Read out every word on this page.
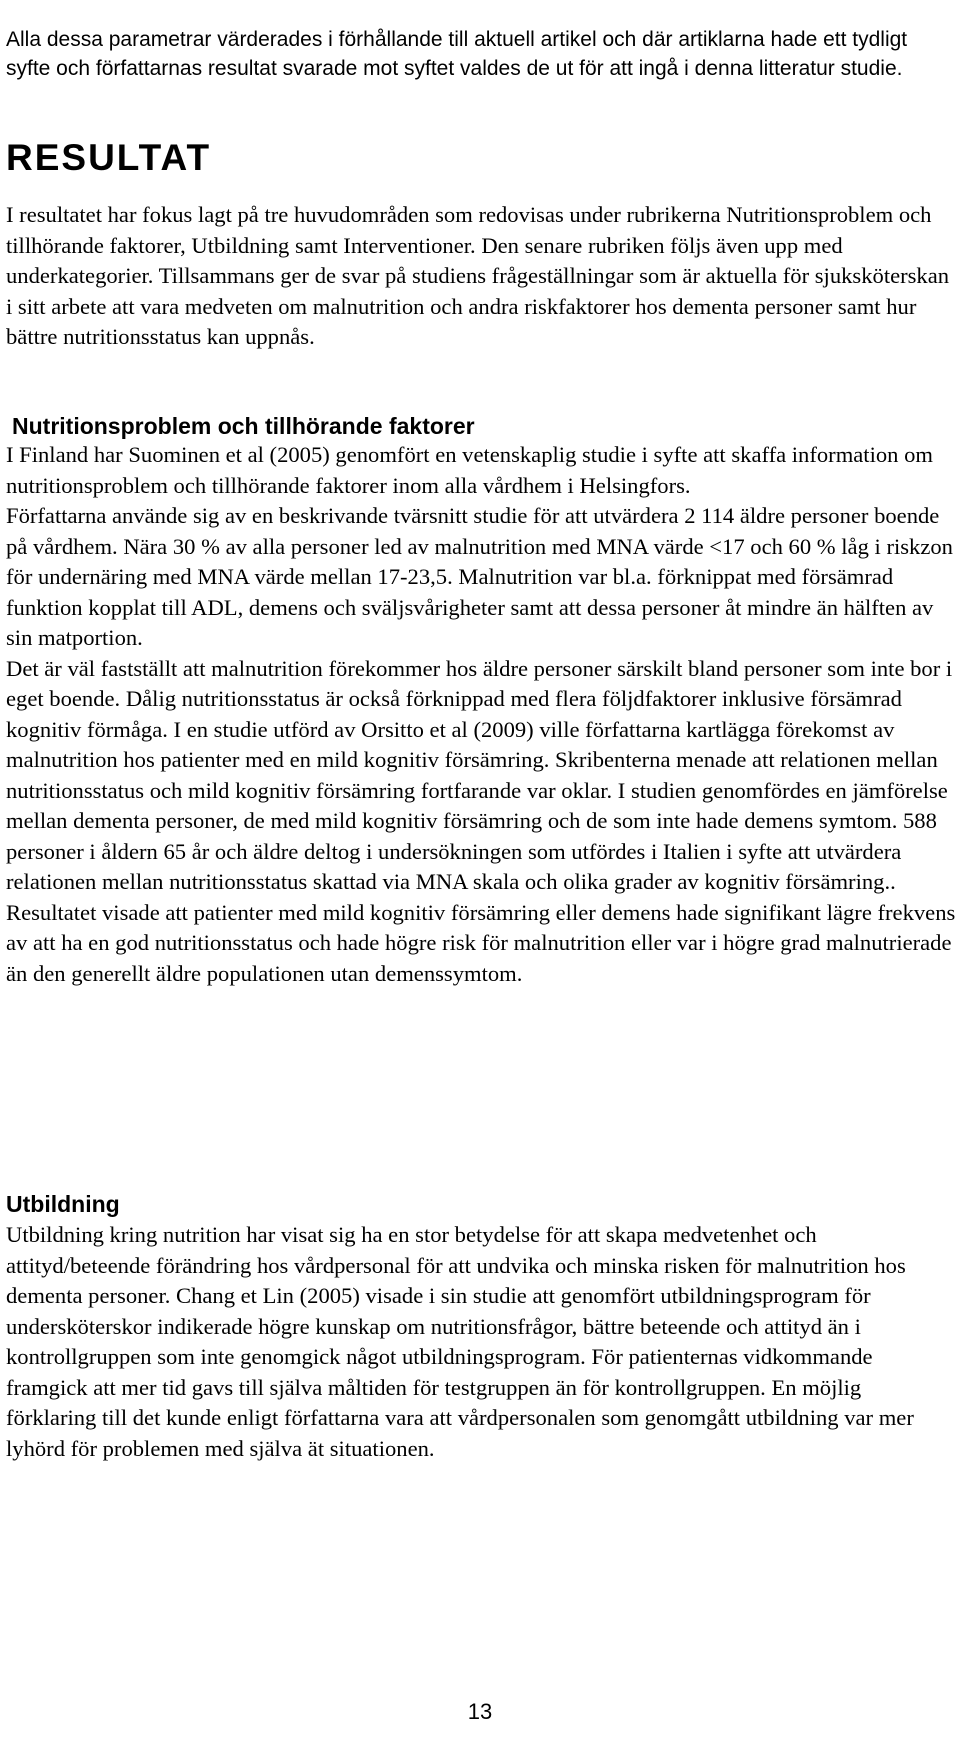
Alla dessa parametrar värderades i förhållande till aktuell artikel och där artiklarna hade ett tydligt syfte och författarnas resultat svarade mot syftet valdes de ut för att ingå i denna litteratur studie.

RESULTAT

I resultatet har fokus lagt på tre huvudområden som redovisas under rubrikerna Nutritionsproblem och tillhörande faktorer, Utbildning samt Interventioner. Den senare rubriken följs även upp med underkategorier. Tillsammans ger de svar på studiens frågeställningar som är aktuella för sjuksköterskan i sitt arbete att vara medveten om malnutrition och andra riskfaktorer hos dementa personer samt hur bättre nutritionsstatus kan uppnås.

Nutritionsproblem och tillhörande faktorer

I Finland har Suominen et al (2005) genomfört en vetenskaplig studie i syfte att skaffa information om nutritionsproblem och tillhörande faktorer inom alla vårdhem i Helsingfors.

Författarna använde sig av en beskrivande tvärsnitt studie för att utvärdera 2 114 äldre personer boende på vårdhem. Nära 30 % av alla personer led av malnutrition med MNA värde <17 och 60 % låg i riskzon för undernäring med MNA värde mellan 17-23,5. Malnutrition var bl.a. förknippat med försämrad funktion kopplat till ADL, demens och sväljsvårigheter samt att dessa personer åt mindre än hälften av sin matportion.

Det är väl fastställt att malnutrition förekommer hos äldre personer särskilt bland personer som inte bor i eget boende. Dålig nutritionsstatus är också förknippad med flera följdfaktorer inklusive försämrad kognitiv förmåga. I en studie utförd av Orsitto et al (2009) ville författarna kartlägga förekomst av malnutrition hos patienter med en mild kognitiv försämring. Skribenterna menade att relationen mellan nutritionsstatus och mild kognitiv försämring fortfarande var oklar. I studien genomfördes en jämförelse mellan dementa personer, de med mild kognitiv försämring och de som inte hade demens symtom. 588 personer i åldern 65 år och äldre deltog i undersökningen som utfördes i Italien i syfte att utvärdera relationen mellan nutritionsstatus skattad via MNA skala och olika grader av kognitiv försämring.. Resultatet visade att patienter med mild kognitiv försämring eller demens hade signifikant lägre frekvens av att ha en god nutritionsstatus och hade högre risk för malnutrition eller var i högre grad malnutrierade än den generellt äldre populationen utan demenssymtom.

Utbildning

Utbildning kring nutrition har visat sig ha en stor betydelse för att skapa medvetenhet och attityd/beteende förändring hos vårdpersonal för att undvika och minska risken för malnutrition hos dementa personer. Chang et Lin (2005) visade i sin studie att genomfört utbildningsprogram för undersköterskor indikerade högre kunskap om nutritionsfrågor, bättre beteende och attityd än i kontrollgruppen som inte genomgick något utbildningsprogram. För patienternas vidkommande framgick att mer tid gavs till själva måltiden för testgruppen än för kontrollgruppen. En möjlig förklaring till det kunde enligt författarna vara att vårdpersonalen som genomgått utbildning var mer lyhörd för problemen med själva ät situationen.

13
